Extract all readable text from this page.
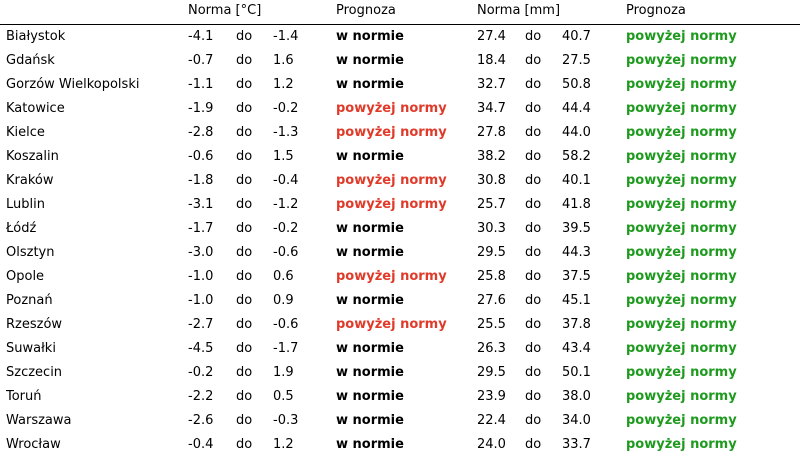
Norma [°C]	Prognoza	Norma [mm]	Prognoza
Białystok	-4.1 do -1.4	w normie	27.4 do 40.7	powyżej normy
Gdańsk	-0.7 do 1.6	w normie	18.4 do 27.5	powyżej normy
Gorzów Wielkopolski	-1.1 do 1.2	w normie	32.7 do 50.8	powyżej normy
Katowice	-1.9 do -0.2	powyżej normy 34.7 do 44.4	powyżej normy
Kielce	-2.8 do -1.3	powyżej normy 27.8 do 44.0	powyżej normy
Koszalin	-0.6 do 1.5	w normie	38.2 do 58.2	powyżej normy
Kraków	-1.8 do -0.4	powyżej normy 30.8 do 40.1	powyżej normy
Lublin	-3.1 do -1.2	powyżej normy 25.7 do 41.8	powyżej normy
Łódź	-1.7 do -0.2	w normie	30.3 do 39.5	powyżej normy
Olsztyn	-3.0 do -0.6	w normie	29.5 do 44.3	powyżej normy
Opole	-1.0 do 0.6	powyżej normy 25.8 do 37.5	powyżej normy
Poznań	-1.0 do 0.9	w normie	27.6 do 45.1	powyżej normy
Rzeszów	-2.7 do -0.6	powyżej normy 25.5 do 37.8	powyżej normy
Suwałki	-4.5 do -1.7	w normie	26.3 do 43.4	powyżej normy
Szczecin	-0.2 do 1.9	w normie	29.5 do 50.1	powyżej normy
Toruń	-2.2 do 0.5	w normie	23.9 do 38.0	powyżej normy
Warszawa	-2.6 do -0.3	w normie	22.4 do 34.0	powyżej normy
Wrocław	-0.4 do 1.2	w normie	24.0 do 33.7	powyżej normy
